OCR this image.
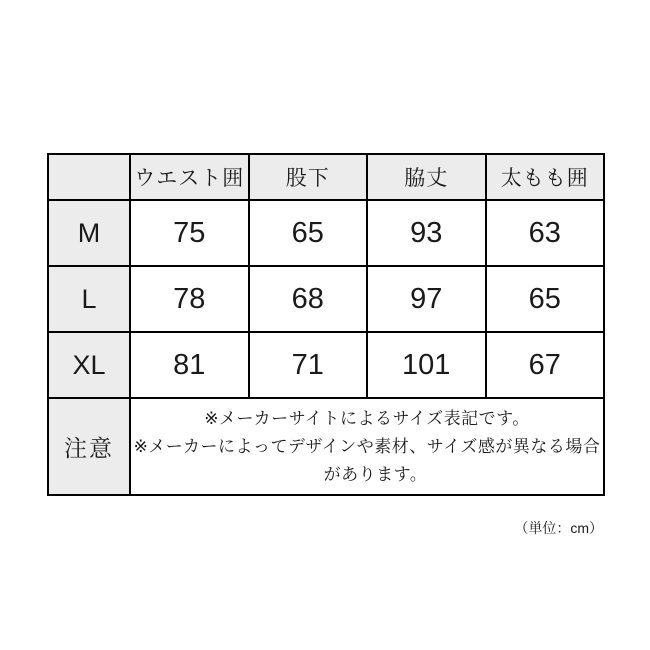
	ウエスト囲	股下	脇丈	太もも囲
M	75	65	93	63
L	78	68	97	65
XL	81	71	101	67
注意	※メーカーサイトによるサイズ表記です。

※メーカーによってデザインや素材、サイズ感が異なる場合があります。			

（単位：cm）
